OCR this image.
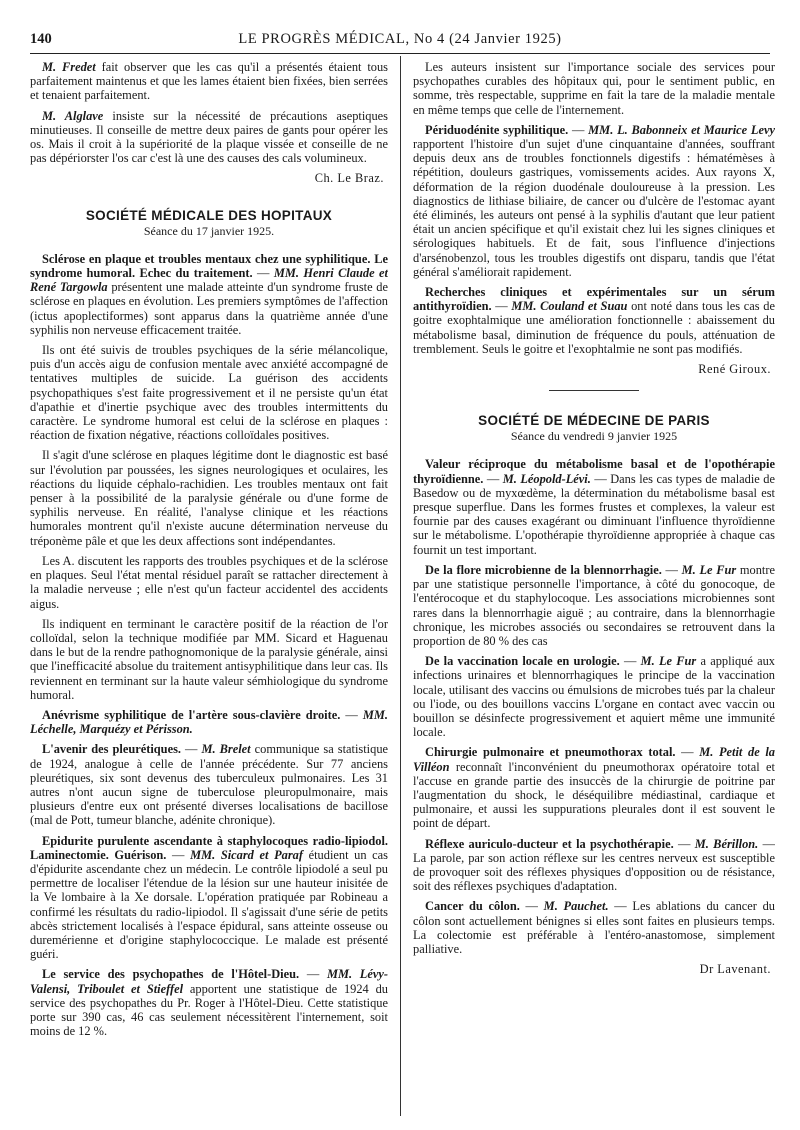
140	LE PROGRÈS MÉDICAL, No 4 (24 Janvier 1925)

M. Fredet fait observer que les cas qu'il a présentés étaient tous parfaitement maintenus et que les lames étaient bien fixées, bien serrées et tenaient parfaitement.

M. Alglave insiste sur la nécessité de précautions aseptiques minutieuses. Il conseille de mettre deux paires de gants pour opérer les os. Mais il croit à la supériorité de la plaque vissée et conseille de ne pas dépériorster l'os car c'est là une des causes des cals volumineux.

Ch. Le Braz.

SOCIÉTÉ MÉDICALE DES HOPITAUX
Séance du 17 janvier 1925.

Sclérose en plaque et troubles mentaux chez une syphilitique. Le syndrome humoral. Echec du traitement. — MM. Henri Claude et René Targowla présentent une malade atteinte d'un syndrome fruste de sclérose en plaques en évolution. Les premiers symptômes de l'affection (ictus apoplectiformes) sont apparus dans la quatrième année d'une syphilis non nerveuse efficacement traitée.

Ils ont été suivis de troubles psychiques de la série mélancolique, puis d'un accès aigu de confusion mentale avec anxiété accompagné de tentatives multiples de suicide. La guérison des accidents psychopathiques s'est faite progressivement et il ne persiste qu'un état d'apathie et d'inertie psychique avec des troubles intermittents du caractère. Le syndrome humoral est celui de la sclérose en plaques : réaction de fixation négative, réactions colloïdales positives.

Il s'agit d'une sclérose en plaques légitime dont le diagnostic est basé sur l'évolution par poussées, les signes neurologiques et oculaires, les réactions du liquide céphalo-rachidien. Les troubles mentaux ont fait penser à la possibilité de la paralysie générale ou d'une forme de syphilis nerveuse. En réalité, l'analyse clinique et les réactions humorales montrent qu'il n'existe aucune détermination nerveuse du tréponème pâle et que les deux affections sont indépendantes.

Les A. discutent les rapports des troubles psychiques et de la sclérose en plaques. Seul l'état mental résiduel paraît se rattacher directement à la maladie nerveuse ; elle n'est qu'un facteur accidentel des accidents aigus.

Ils indiquent en terminant le caractère positif de la réaction de l'or colloïdal, selon la technique modifiée par MM. Sicard et Haguenau dans le but de la rendre pathognomonique de la paralysie générale, ainsi que l'inefficacité absolue du traitement antisyphilitique dans leur cas. Ils reviennent en terminant sur la haute valeur sémhiologique du syndrome humoral.

Anévrisme syphilitique de l'artère sous-clavière droite. — MM. Léchelle, Marquézy et Périsson.

L'avenir des pleurétiques. — M. Brelet communique sa statistique de 1924, analogue à celle de l'année précédente. Sur 77 anciens pleurétiques, six sont devenus des tuberculeux pulmonaires. Les 31 autres n'ont aucun signe de tuberculose pleuropulmonaire, mais plusieurs d'entre eux ont présenté diverses localisations de bacillose (mal de Pott, tumeur blanche, adénite chronique).

Epidurite purulente ascendante à staphylocoques radio-lipiodol. Laminectomie. Guérison. — MM. Sicard et Paraf étudient un cas d'épidurite ascendante chez un médecin. Le contrôle lipiodolé a seul pu permettre de localiser l'étendue de la lésion sur une hauteur inisitée de la Ve lombaire à la Xe dorsale. L'opération pratiquée par Robineau a confirmé les résultats du radio-lipiodol. Il s'agissait d'une série de petits abcès strictement localisés à l'espace épidural, sans atteinte osseuse ou duremérienne et d'origine staphylococcique. Le malade est présenté guéri.

Le service des psychopathes de l'Hôtel-Dieu. — MM. Lévy-Valensi, Triboulet et Stieffel apportent une statistique de 1924 du service des psychopathes du Pr. Roger à l'Hôtel-Dieu. Cette statistique porte sur 390 cas, 46 cas seulement nécessitèrent l'internement, soit moins de 12 %.

Les auteurs insistent sur l'importance sociale des services pour psychopathes curables des hôpitaux qui, pour le sentiment public, en somme, très respectable, supprime en fait la tare de la maladie mentale en même temps que celle de l'internement.

Périduodénite syphilitique. — MM. L. Babonneix et Maurice Levy rapportent l'histoire d'un sujet d'une cinquantaine d'années, souffrant depuis deux ans de troubles fonctionnels digestifs : hématémèses à répétition, douleurs gastriques, vomissements acides. Aux rayons X, déformation de la région duodénale douloureuse à la pression. Les diagnostics de lithiase biliaire, de cancer ou d'ulcère de l'estomac ayant été éliminés, les auteurs ont pensé à la syphilis d'autant que leur patient était un ancien spécifique et qu'il existait chez lui les signes cliniques et sérologiques habituels. Et de fait, sous l'influence d'injections d'arsénobenzol, tous les troubles digestifs ont disparu, tandis que l'état général s'améliorait rapidement.

Recherches cliniques et expérimentales sur un sérum antithyroïdien. — MM. Couland et Suau ont noté dans tous les cas de goitre exophtalmique une amélioration fonctionnelle : abaissement du métabolisme basal, diminution de fréquence du pouls, atténuation de tremblement. Seuls le goitre et l'exophtalmie ne sont pas modifiés.

René Giroux.

SOCIÉTÉ DE MÉDECINE DE PARIS
Séance du vendredi 9 janvier 1925

Valeur réciproque du métabolisme basal et de l'opothérapie thyroïdienne. — M. Léopold-Lévi. — Dans les cas types de maladie de Basedow ou de myxœdème, la détermination du métabolisme basal est presque superflue. Dans les formes frustes et complexes, la valeur est fournie par des causes exagérant ou diminuant l'influence thyroïdienne sur le métabolisme. L'opothérapie thyroïdienne appropriée à chaque cas fournit un test important.

De la flore microbienne de la blennorrhagie. — M. Le Fur montre par une statistique personnelle l'importance, à côté du gonocoque, de l'entérocoque et du staphylocoque. Les associations microbiennes sont rares dans la blennorrhagie aiguë ; au contraire, dans la blennorrhagie chronique, les microbes associés ou secondaires se retrouvent dans la proportion de 80 % des cas

De la vaccination locale en urologie. — M. Le Fur a appliqué aux infections urinaires et blennorrhagiques le principe de la vaccination locale, utilisant des vaccins ou émulsions de microbes tués par la chaleur ou l'iode, ou des bouillons vaccins L'organe en contact avec vaccin ou bouillon se désinfecte progressivement et aquiert même une immunité locale.

Chirurgie pulmonaire et pneumothorax total. — M. Petit de la Villéon reconnaît l'inconvénient du pneumothorax opératoire total et l'accuse en grande partie des insuccès de la chirurgie de poitrine par l'augmentation du shock, le déséquilibre médiastinal, cardiaque et pulmonaire, et aussi les suppurations pleurales dont il est souvent le point de départ.

Réflexe auriculo-ducteur et la psychothérapie. — M. Bérillon. — La parole, par son action réflexe sur les centres nerveux est susceptible de provoquer soit des réflexes physiques d'opposition ou de résistance, soit des réflexes psychiques d'adaptation.

Cancer du côlon. — M. Pauchet. — Les ablations du cancer du côlon sont actuellement bénignes si elles sont faites en plusieurs temps. La colectomie est préférable à l'entéro-anastomose, simplement palliative.

Dr Lavenant.
